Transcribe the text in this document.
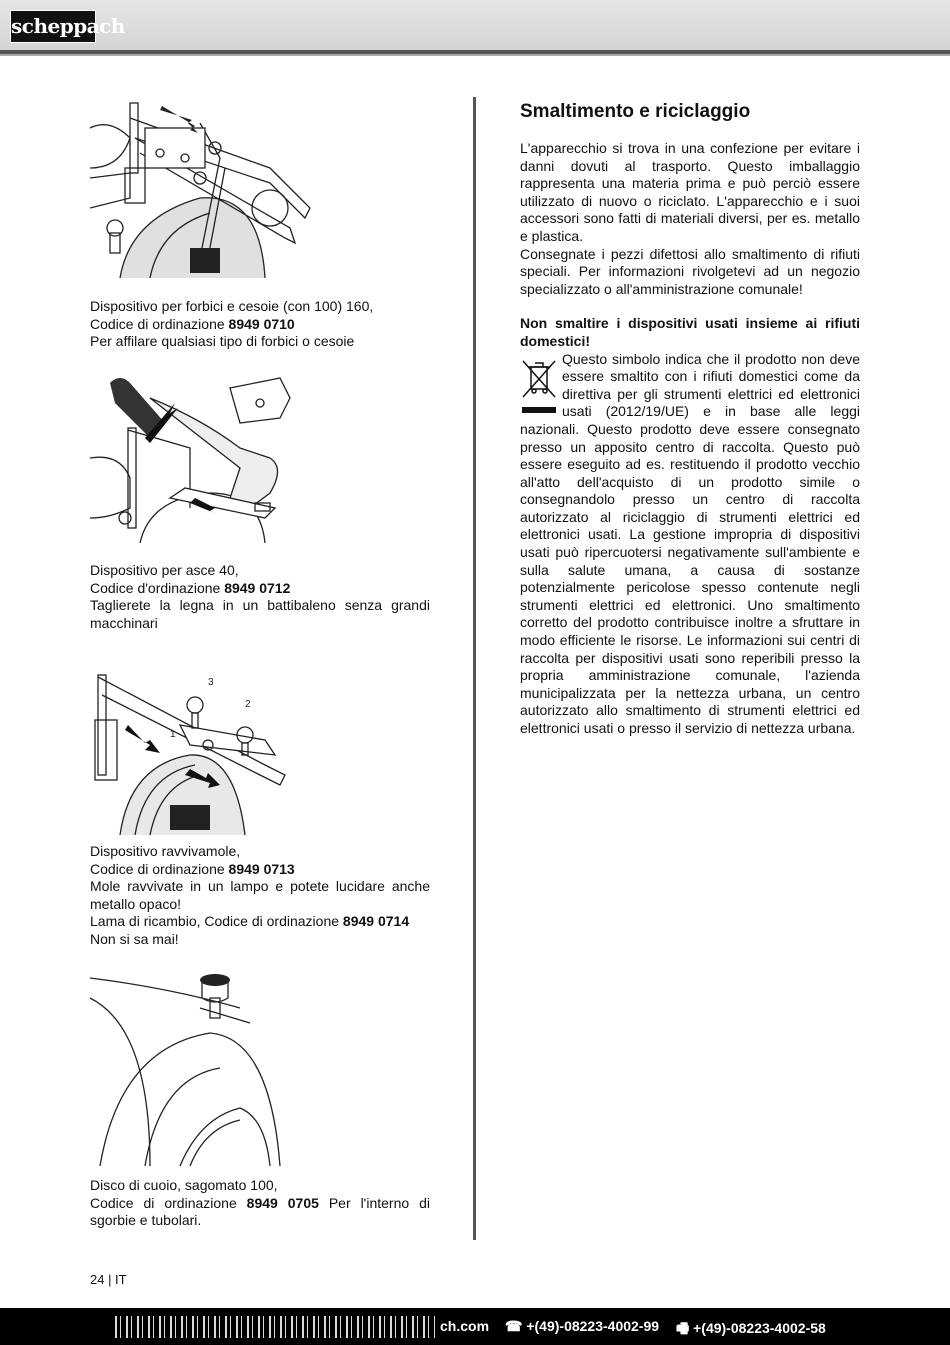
scheppach

Dispositivo per forbici e cesoie (con 100) 160,

Codice di ordinazione 8949 0710

Per affilare qualsiasi tipo di forbici o cesoie

Dispositivo per asce 40,

Codice d'ordinazione 8949 0712

Taglierete la legna in un battibaleno senza grandi macchinari

1
2
3

Dispositivo ravvivamole,

Codice di ordinazione 8949 0713

Mole ravvivate in un lampo e potete lucidare anche metallo opaco!

Lama di ricambio, Codice di ordinazione 8949 0714

Non si sa mai!

Disco di cuoio, sagomato 100,

Codice di ordinazione 8949 0705 Per l'interno di sgorbie e tubolari.

Smaltimento e riciclaggio

L'apparecchio si trova in una confezione per evitare i danni dovuti al trasporto. Questo imballaggio rappresenta una materia prima e può perciò essere utilizzato di nuovo o riciclato. L'apparecchio e i suoi accessori sono fatti di materiali diversi, per es. metallo e plastica.

Consegnate i pezzi difettosi allo smaltimento di rifiuti speciali. Per informazioni rivolgetevi ad un negozio specializzato o all'amministrazione comunale!

Non smaltire i dispositivi usati insieme ai rifiuti domestici!

Questo simbolo indica che il prodotto non deve essere smaltito con i rifiuti domestici come da direttiva per gli strumenti elettrici ed elettronici usati (2012/19/UE) e in base alle leggi nazionali. Questo prodotto deve essere consegnato presso un apposito centro di raccolta. Questo può essere eseguito ad es. restituendo il prodotto vecchio all'atto dell'acquisto di un prodotto simile o consegnandolo presso un centro di raccolta autorizzato al riciclaggio di strumenti elettrici ed elettronici usati. La gestione impropria di dispositivi usati può ripercuotersi negativamente sull'ambiente e sulla salute umana, a causa di sostanze potenzialmente pericolose spesso contenute negli strumenti elettrici ed elettronici. Uno smaltimento corretto del prodotto contribuisce inoltre a sfruttare in modo efficiente le risorse. Le informazioni sui centri di raccolta per dispositivi usati sono reperibili presso la propria amministrazione comunale, l'azienda municipalizzata per la nettezza urbana, un centro autorizzato allo smaltimento di strumenti elettrici ed elettronici usati o presso il servizio di nettezza urbana.

24 | IT
ch.com ☎ +(49)-08223-4002-99 🖷 +(49)-08223-4002-58
